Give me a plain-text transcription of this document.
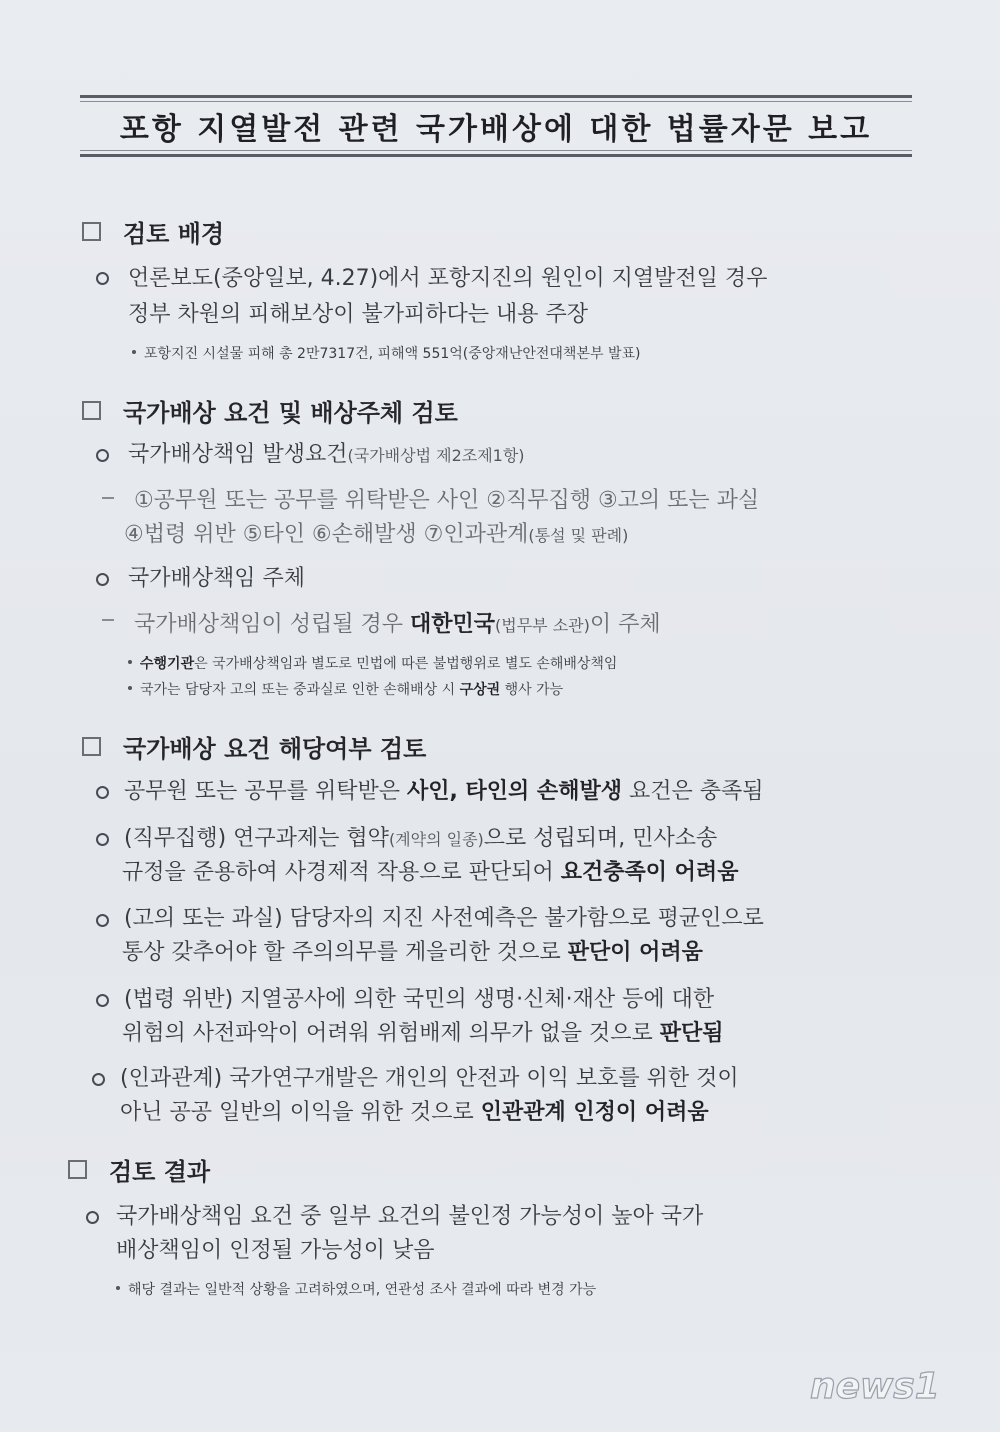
포항 지열발전 관련 국가배상에 대한 법률자문 보고
검토 배경
언론보도(중앙일보, 4.27)에서 포항지진의 원인이 지열발전일 경우
정부 차원의 피해보상이 불가피하다는 내용 주장
포항지진 시설물 피해 총 2만7317건, 피해액 551억(중앙재난안전대책본부 발표)
국가배상 요건 및 배상주체 검토
국가배상책임 발생요건(국가배상법 제2조제1항)
①공무원 또는 공무를 위탁받은 사인 ②직무집행 ③고의 또는 과실
④법령 위반 ⑤타인 ⑥손해발생 ⑦인과관계(통설 및 판례)
국가배상책임 주체
국가배상책임이 성립될 경우 대한민국(법무부 소관)이 주체
수행기관은 국가배상책임과 별도로 민법에 따른 불법행위로 별도 손해배상책임
국가는 담당자 고의 또는 중과실로 인한 손해배상 시 구상권 행사 가능
국가배상 요건 해당여부 검토
공무원 또는 공무를 위탁받은 사인, 타인의 손해발생 요건은 충족됨
(직무집행) 연구과제는 협약(계약의 일종)으로 성립되며, 민사소송
규정을 준용하여 사경제적 작용으로 판단되어 요건충족이 어려움
(고의 또는 과실) 담당자의 지진 사전예측은 불가함으로 평균인으로
통상 갖추어야 할 주의의무를 게을리한 것으로 판단이 어려움
(법령 위반) 지열공사에 의한 국민의 생명·신체·재산 등에 대한
위험의 사전파악이 어려워 위험배제 의무가 없을 것으로 판단됨
(인과관계) 국가연구개발은 개인의 안전과 이익 보호를 위한 것이
아닌 공공 일반의 이익을 위한 것으로 인관관계 인정이 어려움
검토 결과
국가배상책임 요건 중 일부 요건의 불인정 가능성이 높아 국가
배상책임이 인정될 가능성이 낮음
해당 결과는 일반적 상황을 고려하였으며, 연관성 조사 결과에 따라 변경 가능
news1
